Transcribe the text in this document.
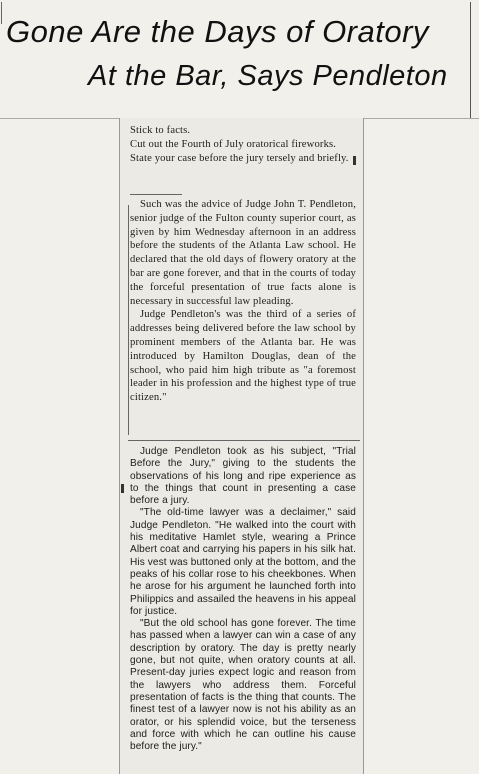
Gone Are the Days of Oratory
At the Bar, Says Pendleton

Stick to facts.

Cut out the Fourth of July oratorical fireworks.

State your case before the jury tersely and briefly.

Such was the advice of Judge John T. Pendleton, senior judge of the Fulton county superior court, as given by him Wednesday afternoon in an address before the students of the Atlanta Law school. He declared that the old days of flowery oratory at the bar are gone forever, and that in the courts of today the forceful presentation of true facts alone is necessary in successful law pleading.

Judge Pendleton's was the third of a series of addresses being delivered before the law school by prominent members of the Atlanta bar. He was introduced by Hamilton Douglas, dean of the school, who paid him high tribute as "a foremost leader in his profession and the highest type of true citizen."

Judge Pendleton took as his subject, "Trial Before the Jury," giving to the students the observations of his long and ripe experience as to the things that count in presenting a case before a jury.

"The old-time lawyer was a declaimer," said Judge Pendleton. "He walked into the court with his meditative Hamlet style, wearing a Prince Albert coat and carrying his papers in his silk hat. His vest was buttoned only at the bottom, and the peaks of his collar rose to his cheekbones. When he arose for his argument he launched forth into Philippics and assailed the heavens in his appeal for justice.

"But the old school has gone forever. The time has passed when a lawyer can win a case of any description by oratory. The day is pretty nearly gone, but not quite, when oratory counts at all. Present-day juries expect logic and reason from the lawyers who address them. Forceful presentation of facts is the thing that counts. The finest test of a lawyer now is not his ability as an orator, or his splendid voice, but the terseness and force with which he can outline his cause before the jury."
